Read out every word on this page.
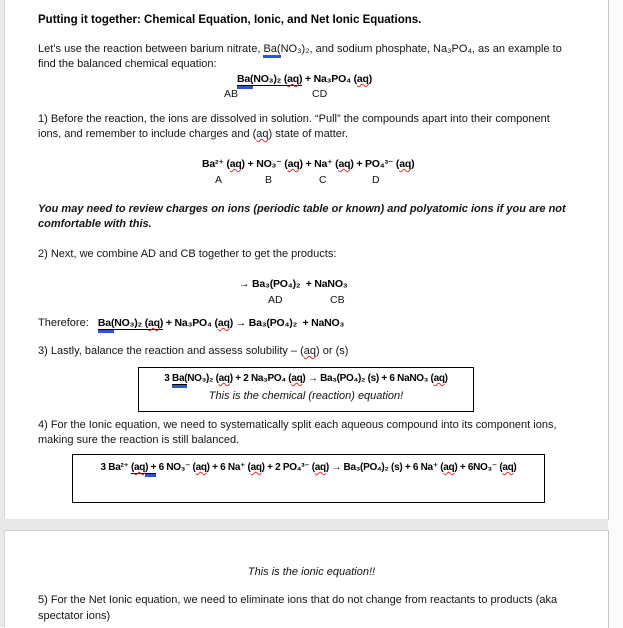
Putting it together: Chemical Equation, Ionic, and Net Ionic Equations.
Let’s use the reaction between barium nitrate, Ba(NO₃)₂, and sodium phosphate, Na₃PO₄, as an example to
find the balanced chemical equation:
Ba(NO₃)₂ (aq) + Na₃PO₄ (aq)
AB	CD
1) Before the reaction, the ions are dissolved in solution. “Pull” the compounds apart into their component
ions, and remember to include charges and (aq) state of matter.
Ba²⁺ (aq) + NO₃⁻ (aq) + Na⁺ (aq) + PO₄³⁻ (aq)
A	B	C	D
You may need to review charges on ions (periodic table or known) and polyatomic ions if you are not
comfortable with this.
2) Next, we combine AD and CB together to get the products:
→ Ba₃(PO₄)₂  + NaNO₃
AD	CB
Therefore:   Ba(NO₃)₂ (aq) + Na₃PO₄ (aq) → Ba₃(PO₄)₂  + NaNO₃
3) Lastly, balance the reaction and assess solubility – (aq) or (s)
3 Ba(NO₃)₂ (aq) + 2 Na₃PO₄ (aq) → Ba₃(PO₄)₂ (s) + 6 NaNO₃ (aq)
This is the chemical (reaction) equation!
4) For the Ionic equation, we need to systematically split each aqueous compound into its component ions,
making sure the reaction is still balanced.
3 Ba²⁺ (aq) + 6 NO₃⁻ (aq) + 6 Na⁺ (aq) + 2 PO₄³⁻ (aq) → Ba₃(PO₄)₂ (s) + 6 Na⁺ (aq) + 6NO₃⁻ (aq)
This is the ionic equation!!
5) For the Net Ionic equation, we need to eliminate ions that do not change from reactants to products (aka
spectator ions)
